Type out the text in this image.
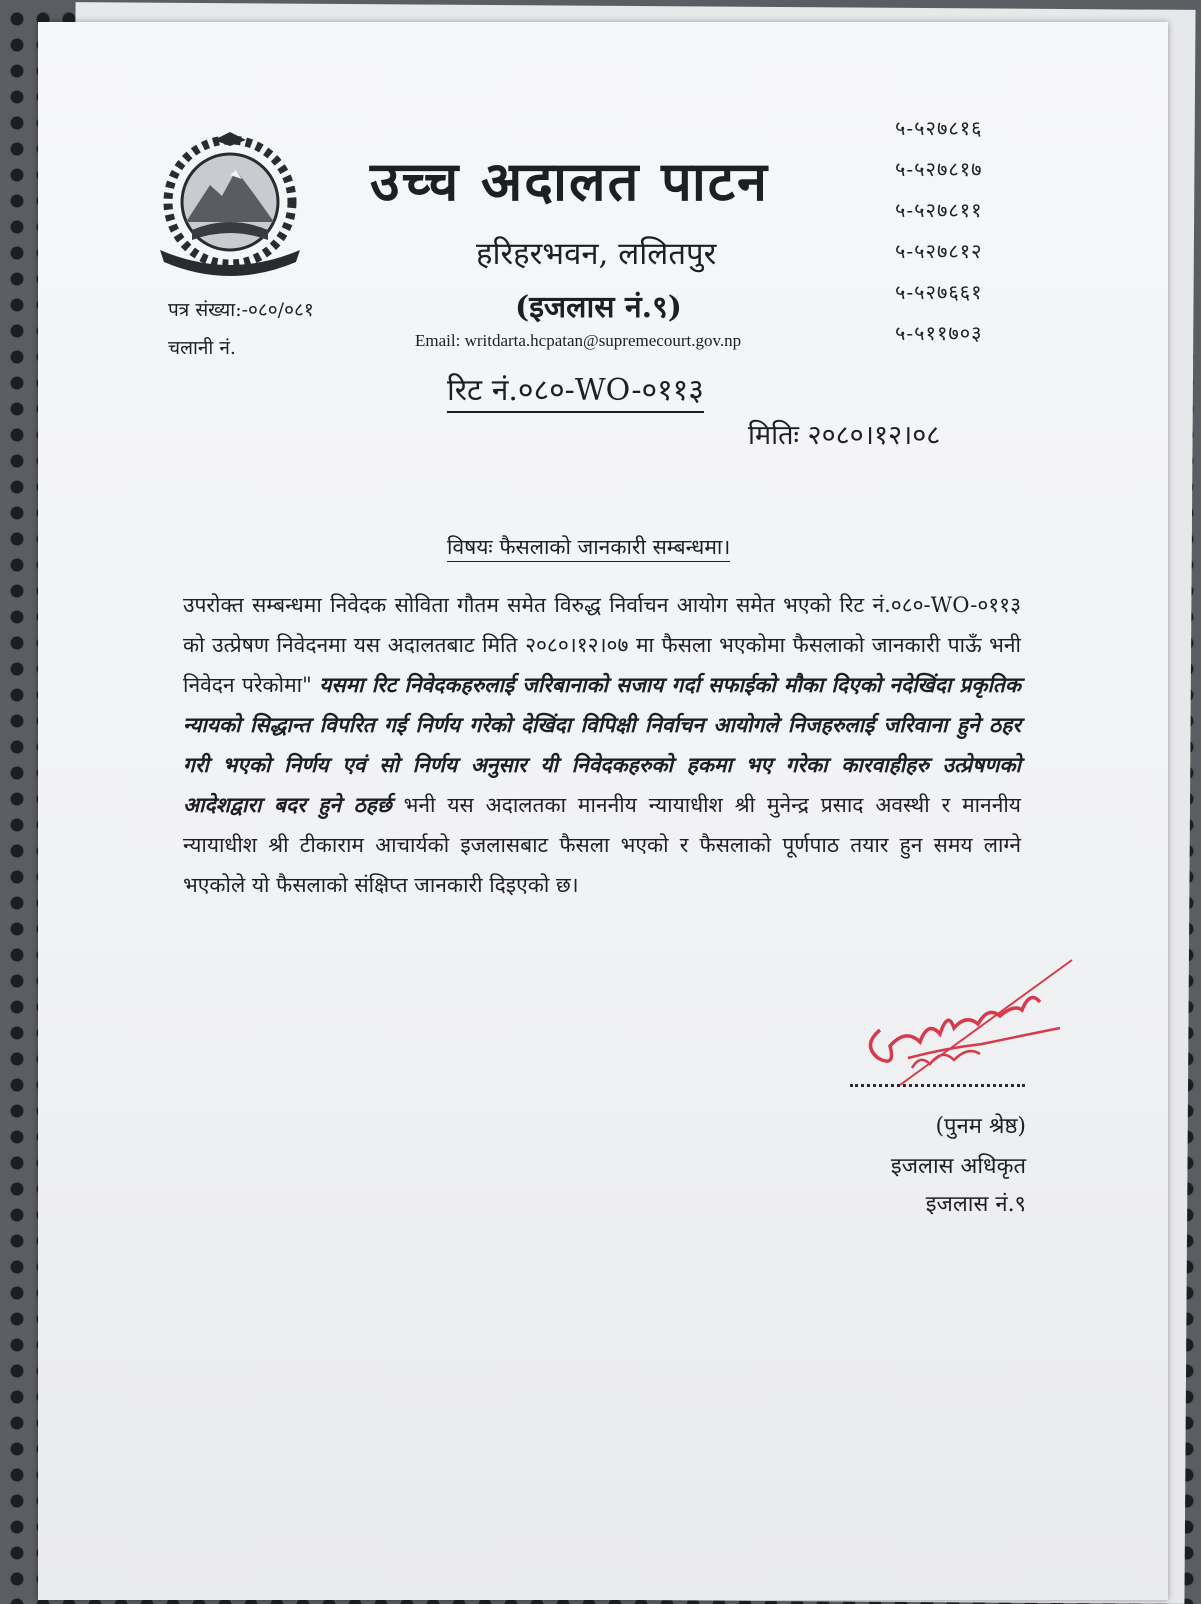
उच्च अदालत पाटन

हरिहरभवन, ललितपुर

(इजलास नं.९)

Email: writdarta.hcpatan@supremecourt.gov.np

५-५२७८१६
५-५२७८१७
५-५२७८११
५-५२७८१२
५-५२७६६१
५-५११७०३

पत्र संख्या:-०८०/०८१

चलानी नं.

रिट नं.०८०-WO-०११३

मितिः २०८०।१२।०८

विषयः फैसलाको जानकारी सम्बन्धमा।

उपरोक्त सम्बन्धमा निवेदक सोविता गौतम समेत विरुद्ध निर्वाचन आयोग समेत भएको रिट नं.०८०-WO-०११३ को उत्प्रेषण निवेदनमा यस अदालतबाट मिति २०८०।१२।०७ मा फैसला भएकोमा फैसलाको जानकारी पाऊँ भनी निवेदन परेकोमा" यसमा रिट निवेदकहरुलाई जरिबानाको सजाय गर्दा सफाईको मौका दिएको नदेखिंदा प्रकृतिक न्यायको सिद्धान्त विपरित गई निर्णय गरेको देखिंदा विपिक्षी निर्वाचन आयोगले निजहरुलाई जरिवाना हुने ठहर गरी भएको निर्णय एवं सो निर्णय अनुसार यी निवेदकहरुको हकमा भए गरेका कारवाहीहरु उत्प्रेषणको आदेशद्वारा बदर हुने ठहर्छ भनी यस अदालतका माननीय न्यायाधीश श्री मुनेन्द्र प्रसाद अवस्थी र माननीय न्यायाधीश श्री टीकाराम आचार्यको इजलासबाट फैसला भएको र फैसलाको पूर्णपाठ तयार हुन समय लाग्ने भएकोले यो फैसलाको संक्षिप्त जानकारी दिइएको छ।

(पुनम श्रेष्ठ)

इजलास अधिकृत

इजलास नं.९
